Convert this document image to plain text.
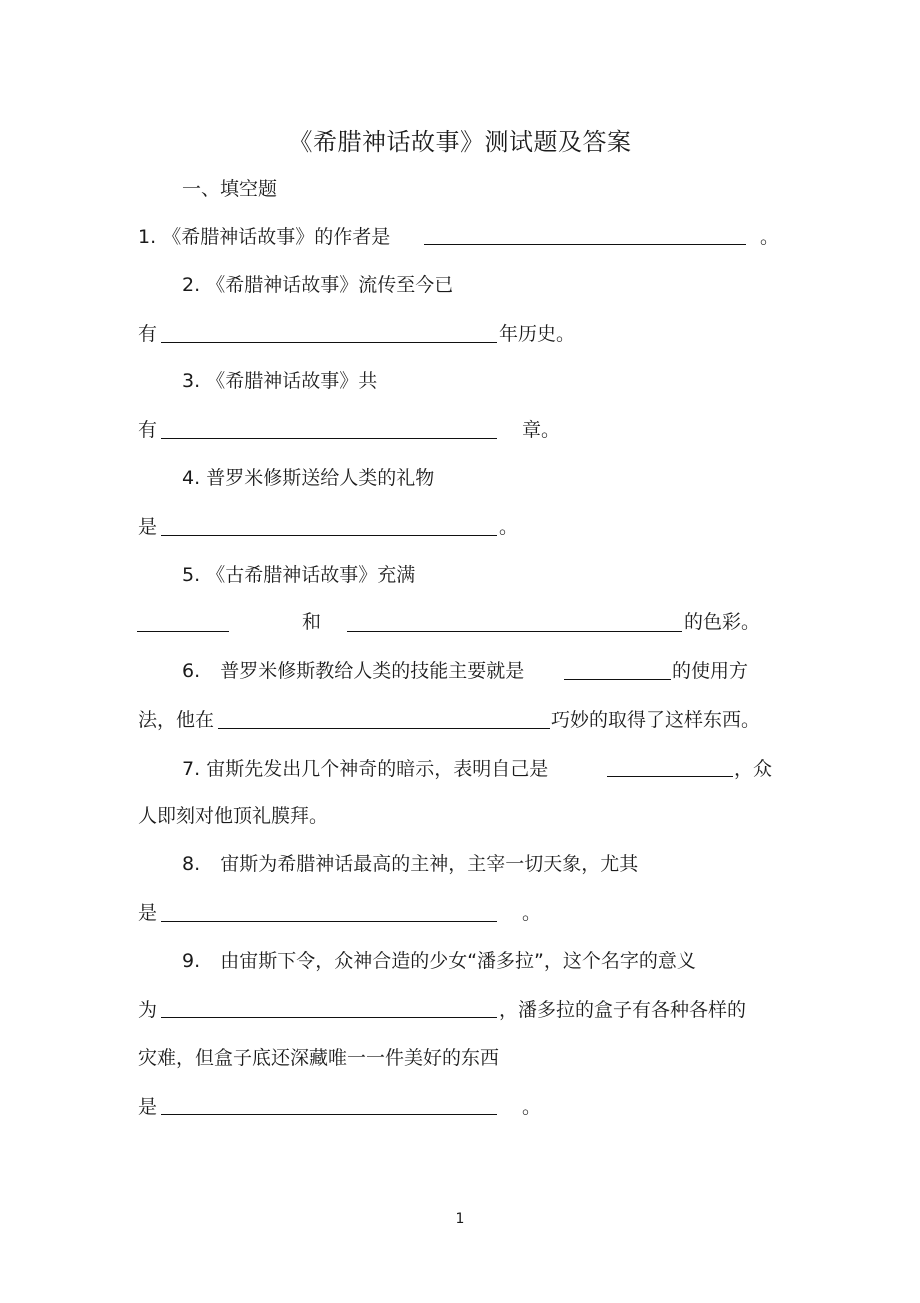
《希腊神话故事》测试题及答案
一、填空题
1. 《希腊神话故事》的作者是	。
2. 《希腊神话故事》流传至今已
有	年历史。
3. 《希腊神话故事》共
有	章。
4. 普罗米修斯送给人类的礼物
是	。
5. 《古希腊神话故事》充满
和	的色彩。
6. 普罗米修斯教给人类的技能主要就是	的使用方
法，他在	巧妙的取得了这样东西。
7. 宙斯先发出几个神奇的暗示，表明自己是	，众
人即刻对他顶礼膜拜。
8. 宙斯为希腊神话最高的主神，主宰一切天象，尤其
是	。
9. 由宙斯下令，众神合造的少女“潘多拉”，这个名字的意义
为	，潘多拉的盒子有各种各样的
灾难，但盒子底还深藏唯一一件美好的东西
是	。
1
